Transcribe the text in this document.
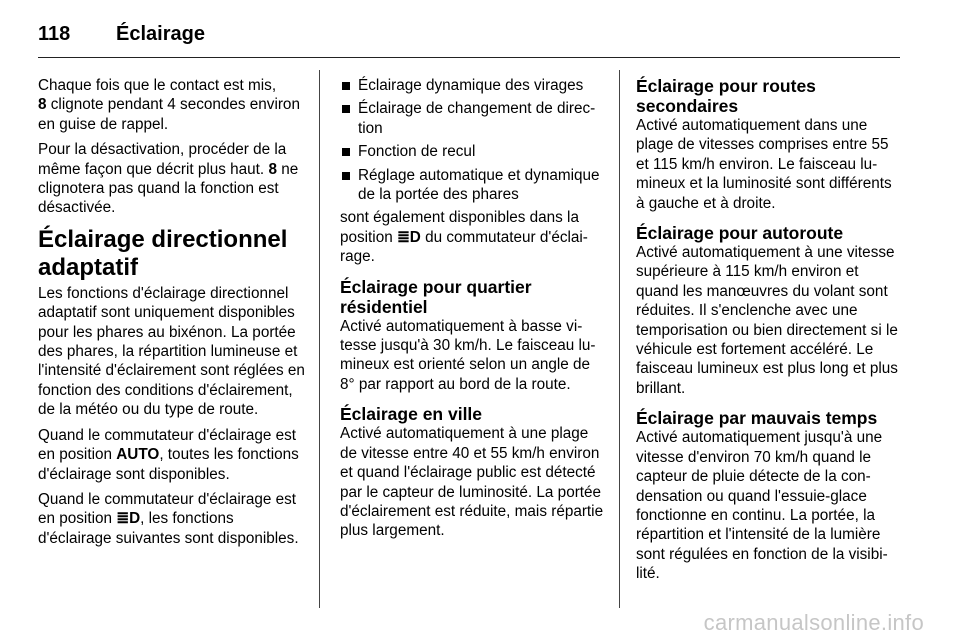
118 Éclairage

Chaque fois que le contact est mis,
8 clignote pendant 4 secondes environ en guise de rappel.

Pour la désactivation, procéder de la même façon que décrit plus haut. 8 ne clignotera pas quand la fonction est désactivée.

Éclairage directionnel adaptatif

Les fonctions d'éclairage directionnel adaptatif sont uniquement disponibles pour les phares au bixénon. La portée des phares, la répartition lumineuse et l'intensité d'éclairement sont réglées en fonction des conditions d'éclairement, de la météo ou du type de route.

Quand le commutateur d'éclairage est en position AUTO, toutes les fonctions d'éclairage sont disponibles.

Quand le commutateur d'éclairage est en position ≣D, les fonctions d'éclairage suivantes sont disponibles.

Éclairage dynamique des virages
Éclairage de changement de direction
Fonction de recul
Réglage automatique et dynamique de la portée des phares

sont également disponibles dans la position ≣D du commutateur d'éclairage.

Éclairage pour quartier résidentiel

Activé automatiquement à basse vitesse jusqu'à 30 km/h. Le faisceau lumineux est orienté selon un angle de 8° par rapport au bord de la route.

Éclairage en ville

Activé automatiquement à une plage de vitesse entre 40 et 55 km/h environ et quand l'éclairage public est détecté par le capteur de luminosité. La portée d'éclairement est réduite, mais répartie plus largement.

Éclairage pour routes secondaires

Activé automatiquement dans une plage de vitesses comprises entre 55 et 115 km/h environ. Le faisceau lumineux et la luminosité sont différents à gauche et à droite.

Éclairage pour autoroute

Activé automatiquement à une vitesse supérieure à 115 km/h environ et quand les manœuvres du volant sont réduites. Il s'enclenche avec une temporisation ou bien directement si le véhicule est fortement accéléré. Le faisceau lumineux est plus long et plus brillant.

Éclairage par mauvais temps

Activé automatiquement jusqu'à une vitesse d'environ 70 km/h quand le capteur de pluie détecte de la condensation ou quand l'essuie-glace fonctionne en continu. La portée, la répartition et l'intensité de la lumière sont régulées en fonction de la visibilité.

carmanualsonline.info
